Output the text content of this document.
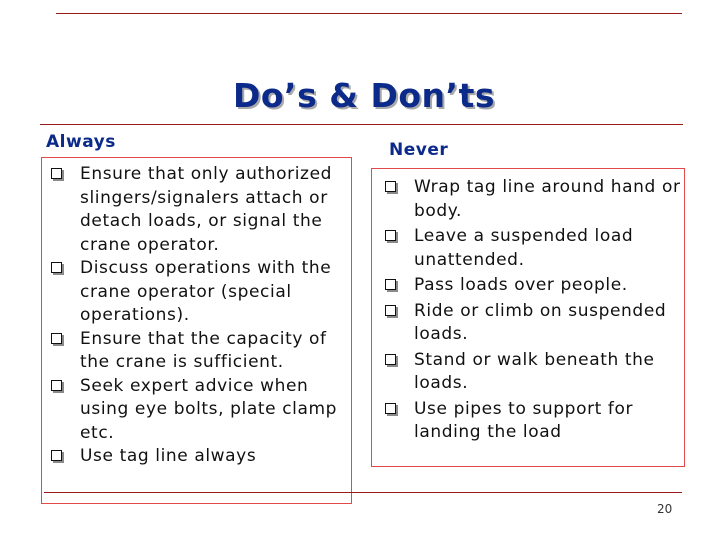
Do’s & Don’ts
Always	Never
Ensure that only authorized slingers/signalers attach or detach loads, or signal the crane operator.
Discuss operations with the crane operator (special operations).
Ensure that the capacity of the crane is sufficient.
Seek expert advice when using eye bolts, plate clamp etc.
Use tag line always
Wrap tag line around hand or body.
Leave a suspended load unattended.
Pass loads over people.
Ride or climb on suspended loads.
Stand or walk beneath the loads.
Use pipes to support for landing the load
20
